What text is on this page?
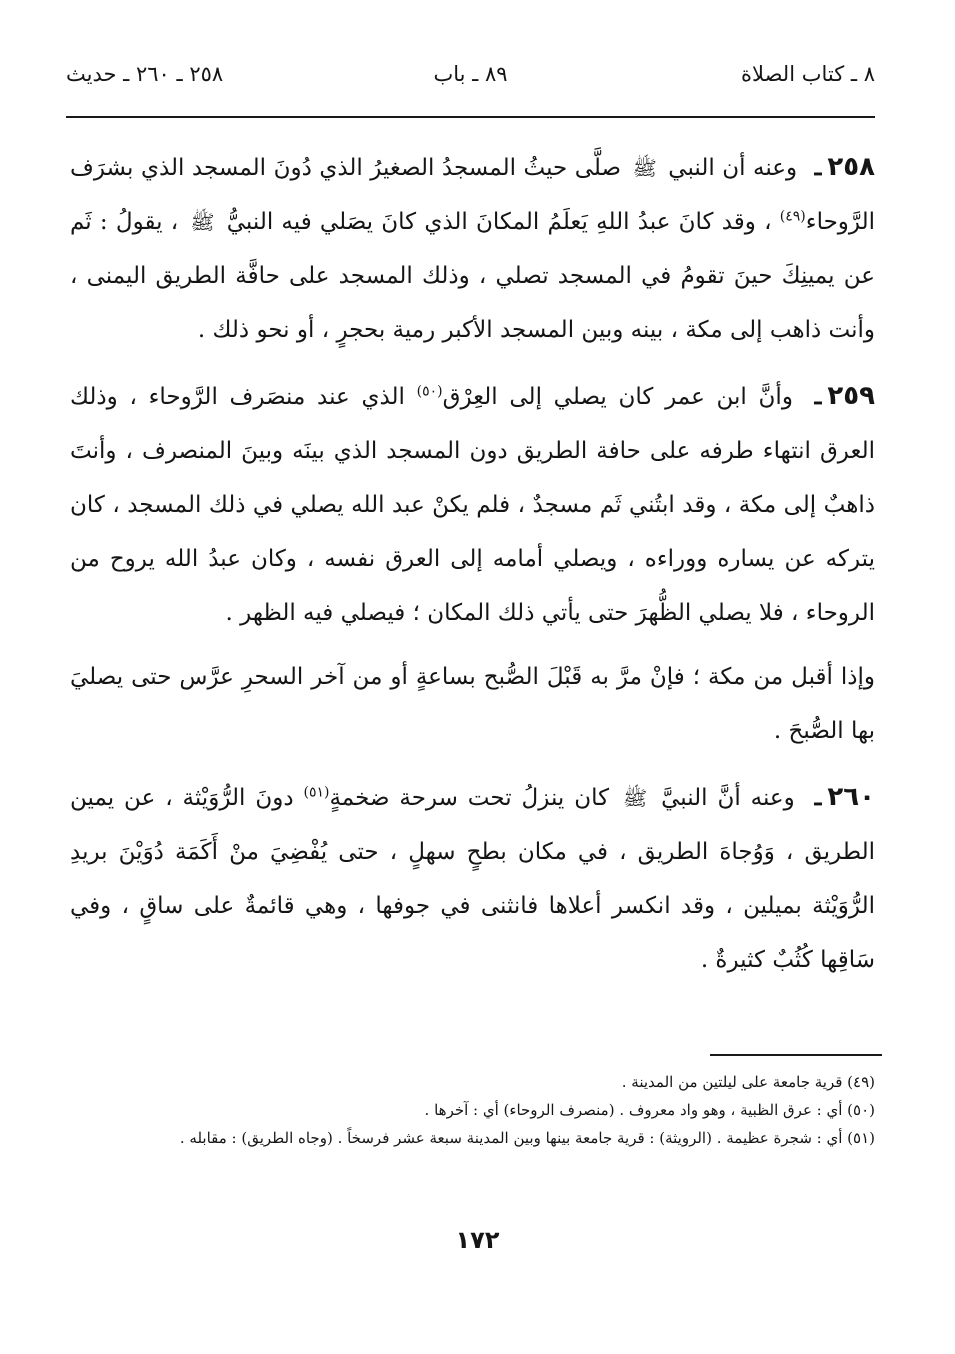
٨ ـ كتاب الصلاة
٨٩ ـ باب
٢٥٨ ـ ٢٦٠ ـ حديث

٢٥٨ـ وعنه أن النبي ﷺ صلَّى حيثُ المسجدُ الصغيرُ الذي دُونَ المسجد الذي بشرَف الرَّوحاء$^{(٤٩)}$ ، وقد كانَ عبدُ اللهِ يَعلَمُ المكانَ الذي كانَ يصَلي فيه النبيُّ ﷺ ، يقولُ : ثَم عن يمينِكَ حينَ تقومُ في المسجد تصلي ، وذلك المسجد على حافَّة الطريق اليمنى ، وأنت ذاهب إلى مكة ، بينه وبين المسجد الأكبر رمية بحجرٍ ، أو نحو ذلك .

٢٥٩ـ وأنَّ ابن عمر كان يصلي إلى العِرْق$^{(٥٠)}$ الذي عند منصَرف الرَّوحاء ، وذلك العرق انتهاء طرفه على حافة الطريق دون المسجد الذي بينَه وبينَ المنصرف ، وأنتَ ذاهبٌ إلى مكة ، وقد ابتُني ثَم مسجدٌ ، فلم يكنْ عبد الله يصلي في ذلك المسجد ، كان يتركه عن يساره ووراءه ، ويصلي أمامه إلى العرق نفسه ، وكان عبدُ الله يروح من الروحاء ، فلا يصلي الظُّهرَ حتى يأتي ذلك المكان ؛ فيصلي فيه الظهر .

وإذا أقبل من مكة ؛ فإنْ مرَّ به قَبْلَ الصُّبح بساعةٍ أو من آخر السحرِ عرَّس حتى يصليَ بها الصُّبحَ .

٢٦٠ـ وعنه أنَّ النبيَّ ﷺ كان ينزلُ تحت سرحة ضخمةٍ$^{(٥١)}$ دونَ الرُّوَيْثة ، عن يمين الطريق ، وَوُجاهَ الطريق ، في مكان بطحٍ سهلٍ ، حتى يُفْضِيَ منْ أَكَمَة دُوَيْنَ بريدِ الرُّوَيْثة بميلين ، وقد انكسر أعلاها فانثنى في جوفها ، وهي قائمةٌ على ساقٍ ، وفي سَاقِها كُثُبٌ كثيرةٌ .

(٤٩) قرية جامعة على ليلتين من المدينة .

(٥٠) أي : عرق الظبية ، وهو واد معروف . (منصرف الروحاء) أي : آخرها .

(٥١) أي : شجرة عظيمة . (الرويثة) : قرية جامعة بينها وبين المدينة سبعة عشر فرسخاً . (وجاه الطريق) : مقابله .

١٧٢
